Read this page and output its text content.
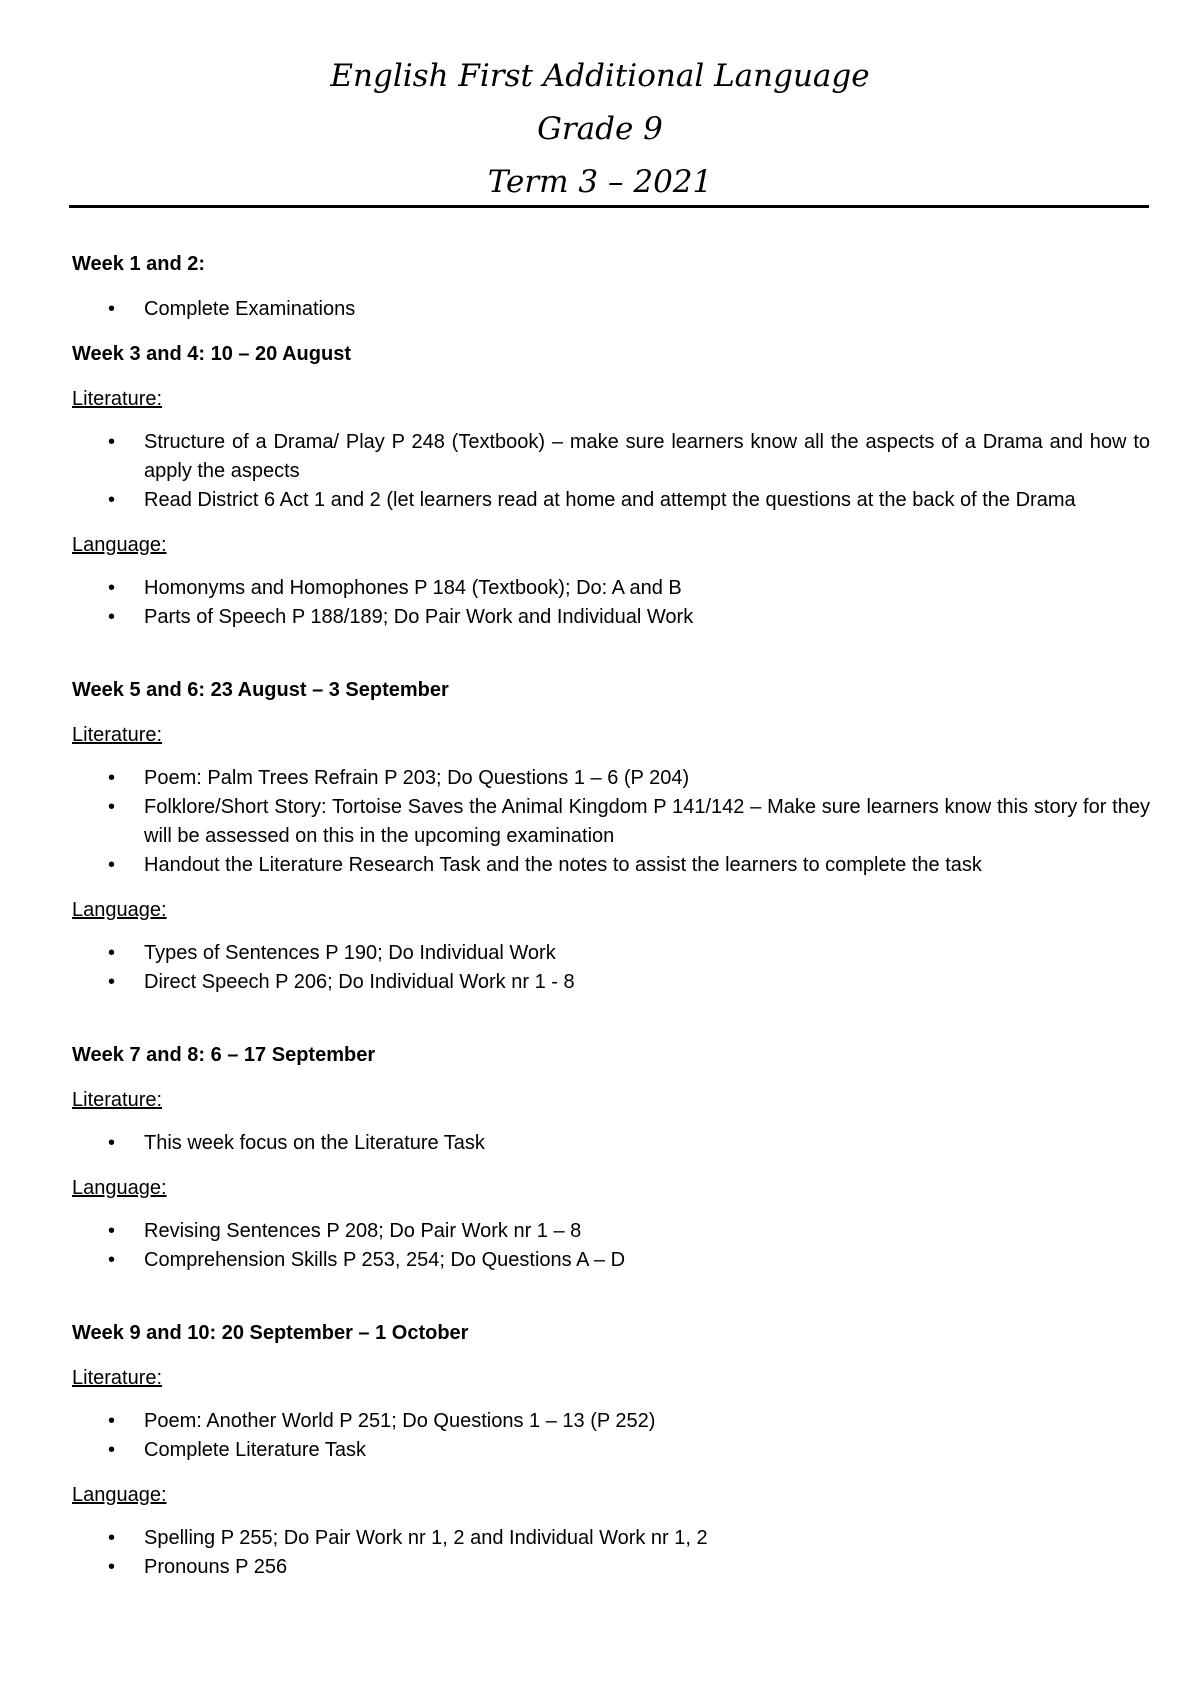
English First Additional Language
Grade 9
Term 3 – 2021
Week 1 and 2:
• Complete Examinations
Week 3 and 4: 10 – 20 August
Literature:
• Structure of a Drama/ Play P 248 (Textbook) – make sure learners know all the aspects of a Drama and how to apply the aspects
• Read District 6 Act 1 and 2 (let learners read at home and attempt the questions at the back of the Drama
Language:
• Homonyms and Homophones P 184 (Textbook); Do: A and B
• Parts of Speech P 188/189; Do Pair Work and Individual Work
Week 5 and 6: 23 August – 3 September
Literature:
• Poem: Palm Trees Refrain P 203; Do Questions 1 – 6 (P 204)
• Folklore/Short Story: Tortoise Saves the Animal Kingdom P 141/142 – Make sure learners know this story for they will be assessed on this in the upcoming examination
• Handout the Literature Research Task and the notes to assist the learners to complete the task
Language:
• Types of Sentences P 190; Do Individual Work
• Direct Speech P 206; Do Individual Work nr 1 - 8
Week 7 and 8: 6 – 17 September
Literature:
• This week focus on the Literature Task
Language:
• Revising Sentences P 208; Do Pair Work nr 1 – 8
• Comprehension Skills P 253, 254; Do Questions A – D
Week 9 and 10: 20 September – 1 October
Literature:
• Poem: Another World P 251; Do Questions 1 – 13 (P 252)
• Complete Literature Task
Language:
• Spelling P 255; Do Pair Work nr 1, 2 and Individual Work nr 1, 2
• Pronouns P 256
